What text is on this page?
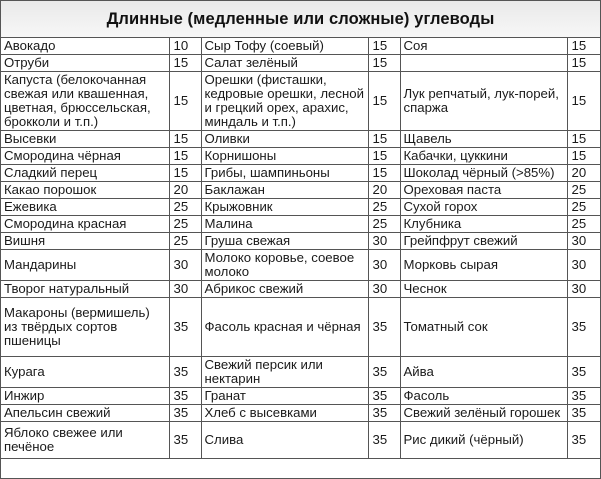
Длинные (медленные или сложные) углеводы
Авокадо	10	Сыр Тофу (соевый)	15	Соя	15
Отруби	15	Салат зелёный	15		15
Капуста (белокочанная свежая или квашенная, цветная, брюссельская, брокколи и т.п.)	15	Орешки (фисташки, кедровые орешки, лесной и грецкий орех, арахис, миндаль и т.п.)	15	Лук репчатый, лук-порей, спаржа	15
Высевки	15	Оливки	15	Щавель	15
Смородина чёрная	15	Корнишоны	15	Кабачки, цуккини	15
Сладкий перец	15	Грибы, шампиньоны	15	Шоколад чёрный (>85%)	20
Какао порошок	20	Баклажан	20	Ореховая паста	25
Ежевика	25	Крыжовник	25	Сухой горох	25
Смородина красная	25	Малина	25	Клубника	25
Вишня	25	Груша свежая	30	Грейпфрут свежий	30
Мандарины	30	Молоко коровье, соевое молоко	30	Морковь сырая	30
Творог натуральный	30	Абрикос свежий	30	Чеснок	30
Макароны (вермишель) из твёрдых сортов пшеницы	35	Фасоль красная и чёрная	35	Томатный сок	35
Курага	35	Свежий персик или нектарин	35	Айва	35
Инжир	35	Гранат	35	Фасоль	35
Апельсин свежий	35	Хлеб с высевками	35	Свежий зелёный горошек	35
Яблоко свежее или печёное	35	Слива	35	Рис дикий (чёрный)	35
